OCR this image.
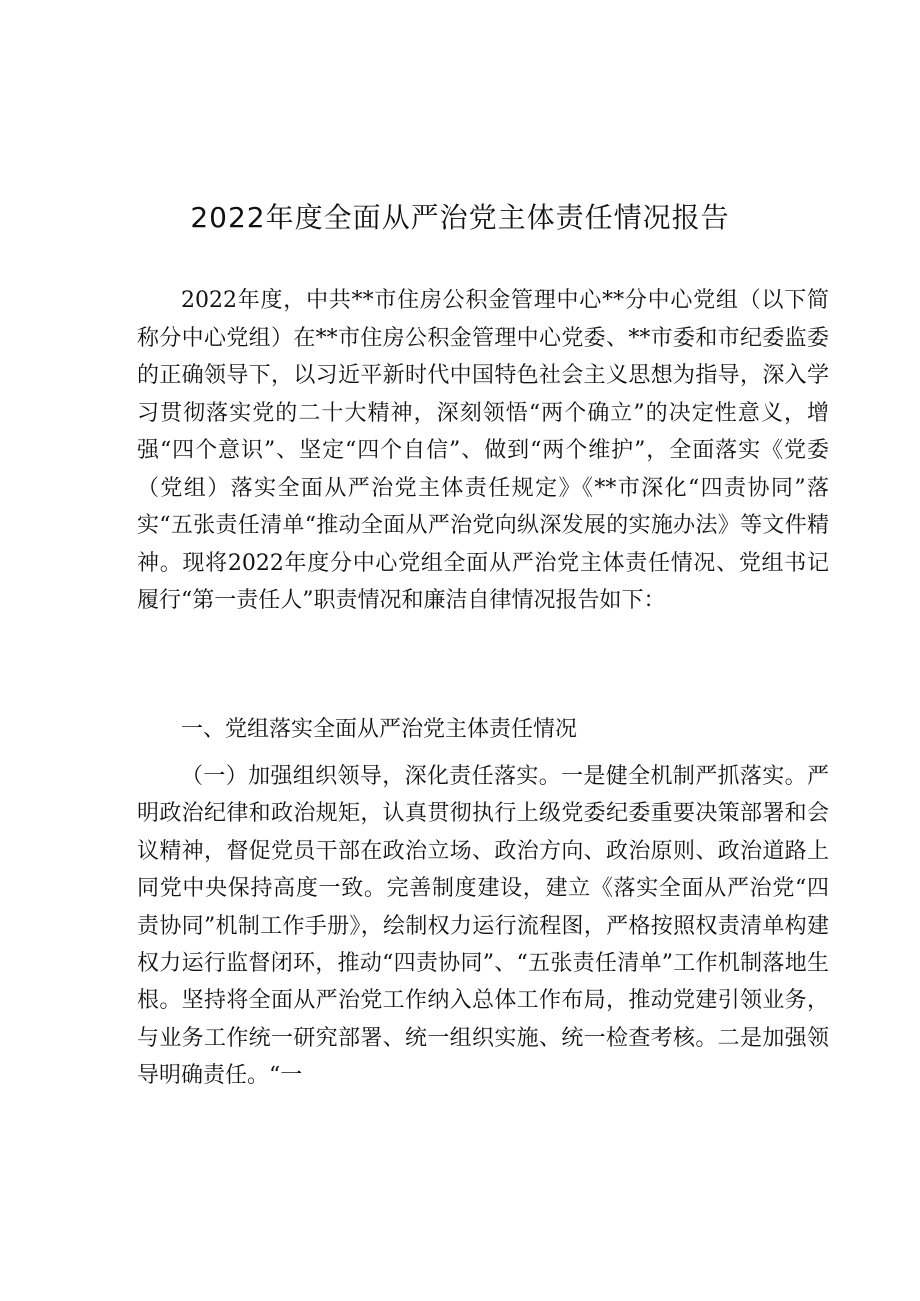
2022年度全面从严治党主体责任情况报告

2022年度，中共**市住房公积金管理中心**分中心党组（以下简称分中心党组）在**市住房公积金管理中心党委、**市委和市纪委监委的正确领导下，以习近平新时代中国特色社会主义思想为指导，深入学习贯彻落实党的二十大精神，深刻领悟“两个确立”的决定性意义，增强“四个意识”、坚定“四个自信”、做到“两个维护”，全面落实《党委（党组）落实全面从严治党主体责任规定》《**市深化“四责协同”落实“五张责任清单“推动全面从严治党向纵深发展的实施办法》等文件精神。现将2022年度分中心党组全面从严治党主体责任情况、党组书记履行“第一责任人”职责情况和廉洁自律情况报告如下：

一、党组落实全面从严治党主体责任情况

（一）加强组织领导，深化责任落实。一是健全机制严抓落实。严明政治纪律和政治规矩，认真贯彻执行上级党委纪委重要决策部署和会议精神，督促党员干部在政治立场、政治方向、政治原则、政治道路上同党中央保持高度一致。完善制度建设，建立《落实全面从严治党“四责协同”机制工作手册》，绘制权力运行流程图，严格按照权责清单构建权力运行监督闭环，推动“四责协同”、“五张责任清单”工作机制落地生根。坚持将全面从严治党工作纳入总体工作布局，推动党建引领业务，与业务工作统一研究部署、统一组织实施、统一检查考核。二是加强领导明确责任。“一
